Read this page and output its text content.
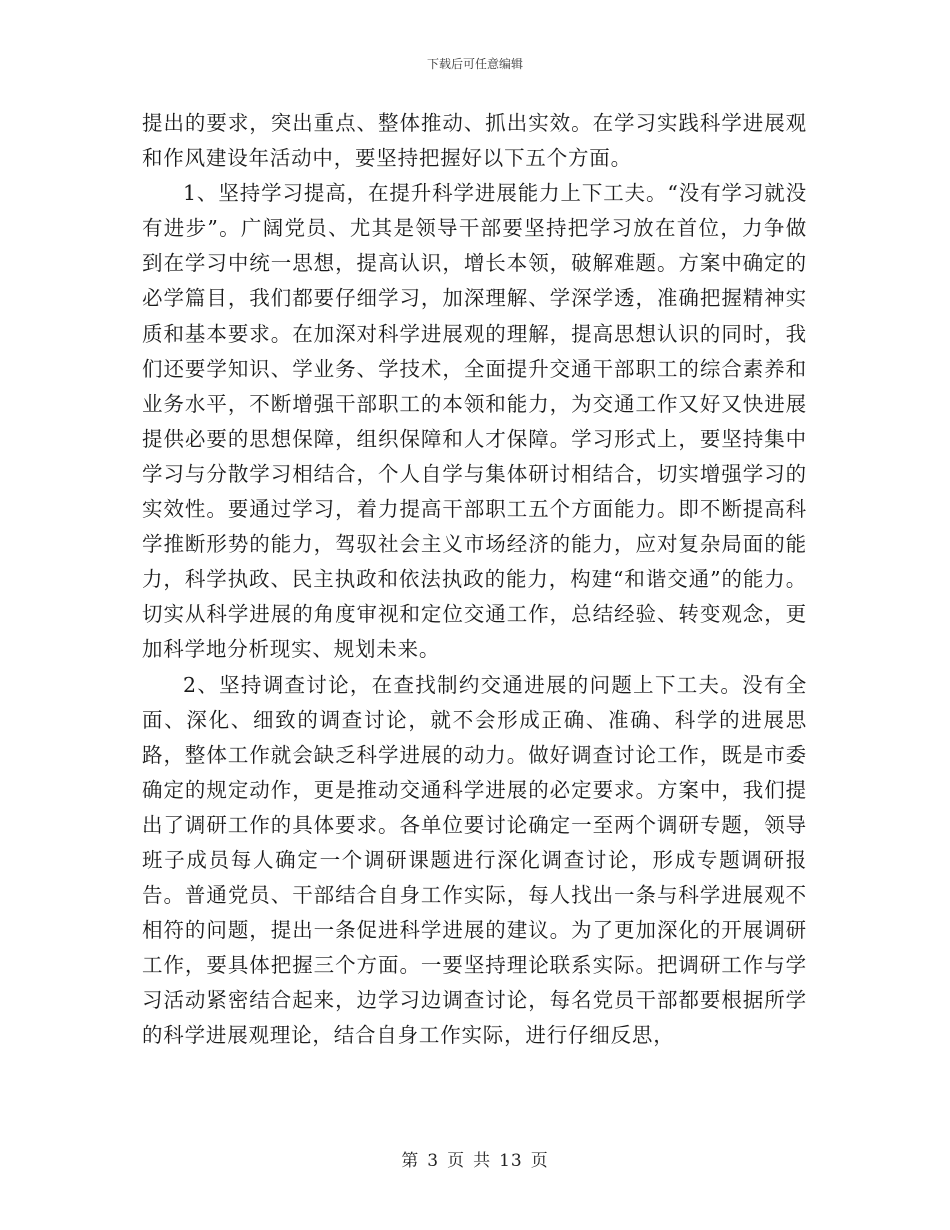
下载后可任意编辑

提出的要求，突出重点、整体推动、抓出实效。在学习实践科学进展观和作风建设年活动中，要坚持把握好以下五个方面。

1、坚持学习提高，在提升科学进展能力上下工夫。“没有学习就没有进步”。广阔党员、尤其是领导干部要坚持把学习放在首位，力争做到在学习中统一思想，提高认识，增长本领，破解难题。方案中确定的必学篇目，我们都要仔细学习，加深理解、学深学透，准确把握精神实质和基本要求。在加深对科学进展观的理解，提高思想认识的同时，我们还要学知识、学业务、学技术，全面提升交通干部职工的综合素养和业务水平，不断增强干部职工的本领和能力，为交通工作又好又快进展提供必要的思想保障，组织保障和人才保障。学习形式上，要坚持集中学习与分散学习相结合，个人自学与集体研讨相结合，切实增强学习的实效性。要通过学习，着力提高干部职工五个方面能力。即不断提高科学推断形势的能力，驾驭社会主义市场经济的能力，应对复杂局面的能力，科学执政、民主执政和依法执政的能力，构建“和谐交通”的能力。切实从科学进展的角度审视和定位交通工作，总结经验、转变观念，更加科学地分析现实、规划未来。

2、坚持调查讨论，在查找制约交通进展的问题上下工夫。没有全面、深化、细致的调查讨论，就不会形成正确、准确、科学的进展思路，整体工作就会缺乏科学进展的动力。做好调查讨论工作，既是市委确定的规定动作，更是推动交通科学进展的必定要求。方案中，我们提出了调研工作的具体要求。各单位要讨论确定一至两个调研专题，领导班子成员每人确定一个调研课题进行深化调查讨论，形成专题调研报告。普通党员、干部结合自身工作实际，每人找出一条与科学进展观不相符的问题，提出一条促进科学进展的建议。为了更加深化的开展调研工作，要具体把握三个方面。一要坚持理论联系实际。把调研工作与学习活动紧密结合起来，边学习边调查讨论，每名党员干部都要根据所学的科学进展观理论，结合自身工作实际，进行仔细反思，

第 3 页 共 13 页
